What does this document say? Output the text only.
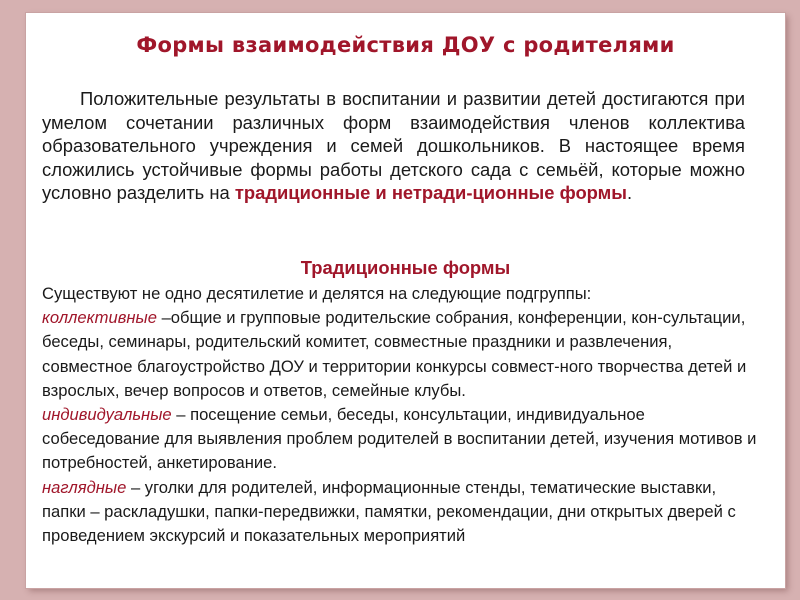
Формы взаимодействия ДОУ с родителями
Положительные результаты в воспитании и развитии детей достигаются при умелом сочетании различных форм взаимодействия членов коллектива образовательного учреждения и семей дошкольников. В настоящее время сложились устойчивые формы работы детского сада с семьёй, которые можно условно разделить на традиционные и нетради-ционные формы.
Традиционные формы

Существуют не одно десятилетие и делятся на следующие подгруппы:

коллективные –общие и групповые родительские собрания, конференции, кон-сультации, беседы, семинары, родительский комитет, совместные праздники и развлечения, совместное благоустройство ДОУ и территории конкурсы совмест-ного творчества детей и взрослых, вечер вопросов и ответов, семейные клубы.

индивидуальные – посещение семьи, беседы, консультации, индивидуальное собеседование для выявления проблем родителей в воспитании детей, изучения мотивов и потребностей, анкетирование.

наглядные – уголки для родителей, информационные стенды, тематические выставки, папки – раскладушки, папки-передвижки, памятки, рекомендации, дни открытых дверей с проведением экскурсий и показательных мероприятий
